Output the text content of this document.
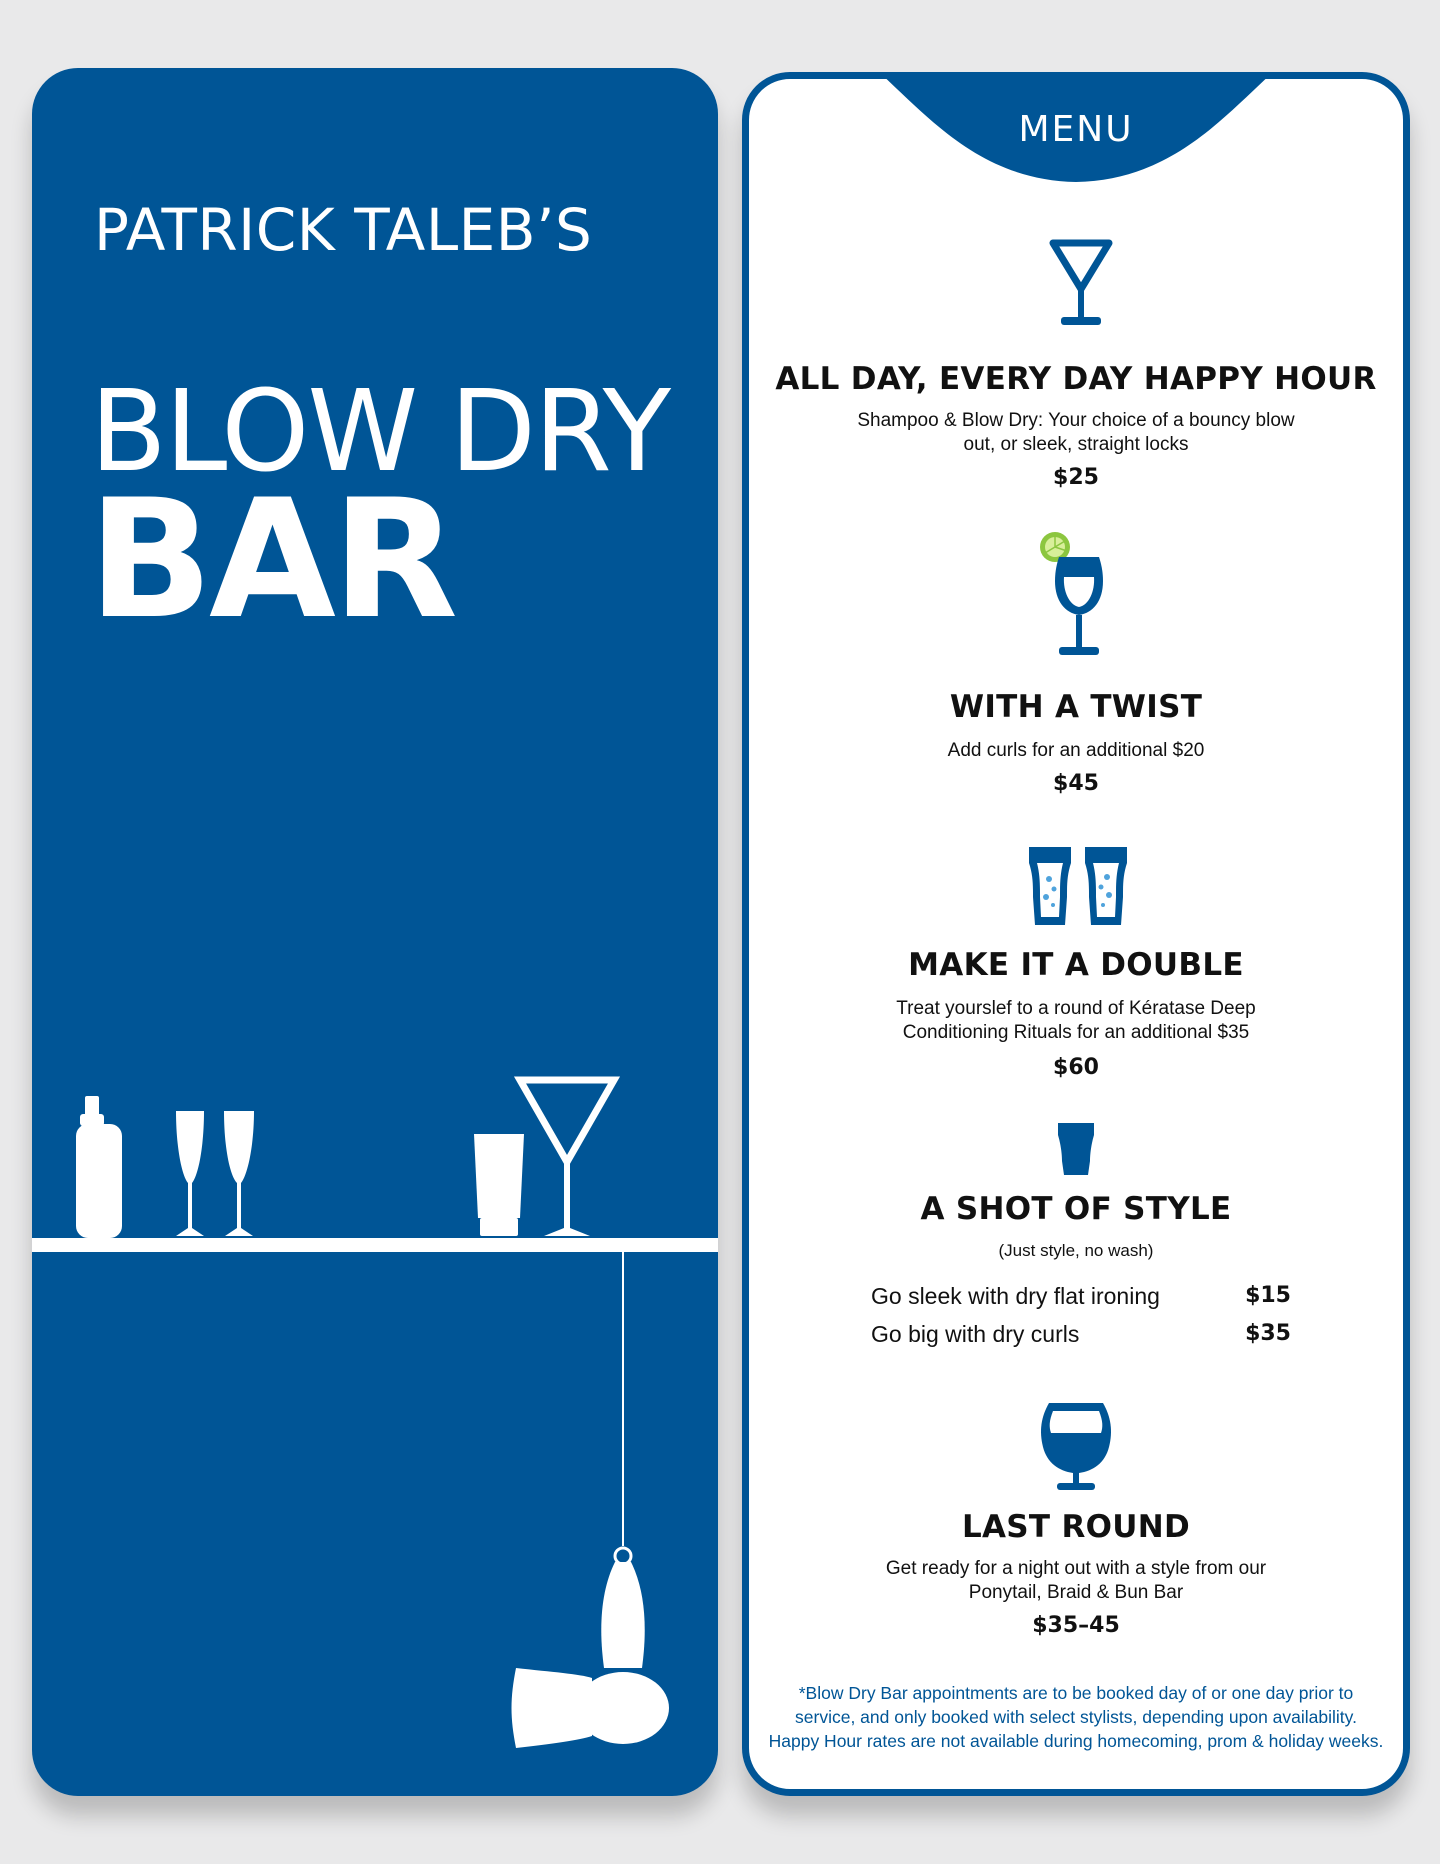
PATRICK TALEB’S
BLOW DRY
BAR
MENU
ALL DAY, EVERY DAY HAPPY HOUR
Shampoo & Blow Dry: Your choice of a bouncy blow
out, or sleek, straight locks
$25
WITH A TWIST
Add curls for an additional $20
$45
MAKE IT A DOUBLE
Treat yourslef to a round of Kératase Deep
Conditioning Rituals for an additional $35
$60
A SHOT OF STYLE
(Just style, no wash)
Go sleek with dry flat ironing	$15
Go big with dry curls	$35
LAST ROUND
Get ready for a night out with a style from our
Ponytail, Braid & Bun Bar
$35–45
*Blow Dry Bar appointments are to be booked day of or one day prior to
service, and only booked with select stylists, depending upon availability.
Happy Hour rates are not available during homecoming, prom & holiday weeks.
